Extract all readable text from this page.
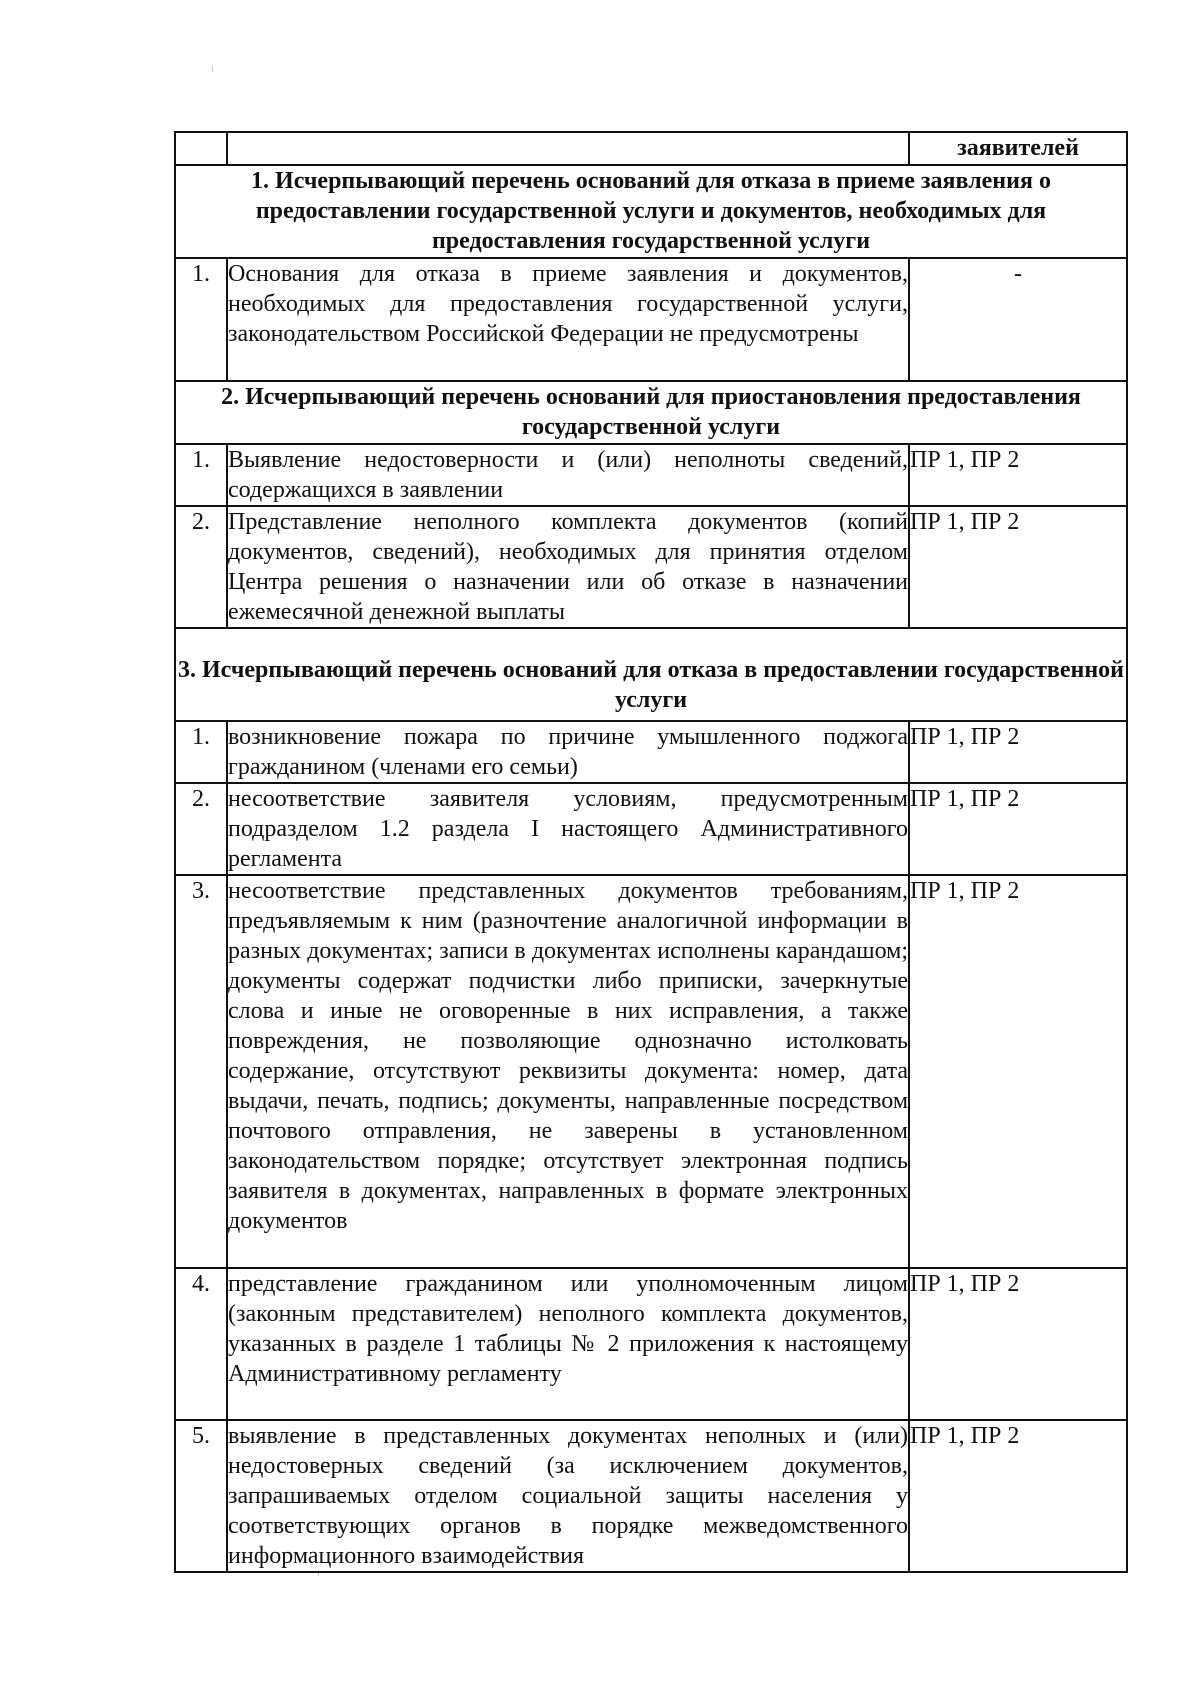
		заявителей
1. Исчерпывающий перечень оснований для отказа в приеме заявления о предоставлении государственной услуги и документов, необходимых для предоставления государственной услуги		
1.	Основания для отказа в приеме заявления и документов, необходимых для предоставления государственной услуги, законодательством Российской Федерации не предусмотрены	-
2. Исчерпывающий перечень оснований для приостановления предоставления государственной услуги		
1.	Выявление недостоверности и (или) неполноты сведений, содержащихся в заявлении	ПР 1, ПР 2
2.	Представление неполного комплекта документов (копий документов, сведений), необходимых для принятия отделом Центра решения о назначении или об отказе в назначении ежемесячной денежной выплаты	ПР 1, ПР 2
3. Исчерпывающий перечень оснований для отказа в предоставлении государственной услуги		
1.	возникновение пожара по причине умышленного поджога гражданином (членами его семьи)	ПР 1, ПР 2
2.	несоответствие заявителя условиям, предусмотренным подразделом 1.2 раздела I настоящего Административного регламента	ПР 1, ПР 2
3.	несоответствие представленных документов требованиям, предъявляемым к ним (разночтение аналогичной информации в разных документах; записи в документах исполнены карандашом; документы содержат подчистки либо приписки, зачеркнутые слова и иные не оговоренные в них исправления, а также повреждения, не позволяющие однозначно истолковать содержание, отсутствуют реквизиты документа: номер, дата выдачи, печать, подпись; документы, направленные посредством почтового отправления, не заверены в установленном законодательством порядке; отсутствует электронная подпись заявителя в документах, направленных в формате электронных документов	ПР 1, ПР 2
4.	представление гражданином или уполномоченным лицом (законным представителем) неполного комплекта документов, указанных в разделе 1 таблицы № 2 приложения к настоящему Административному регламенту	ПР 1, ПР 2
5.	выявление в представленных документах неполных и (или) недостоверных сведений (за исключением документов, запрашиваемых отделом социальной защиты населения у соответствующих органов в порядке межведомственного информационного взаимодействия	ПР 1, ПР 2
